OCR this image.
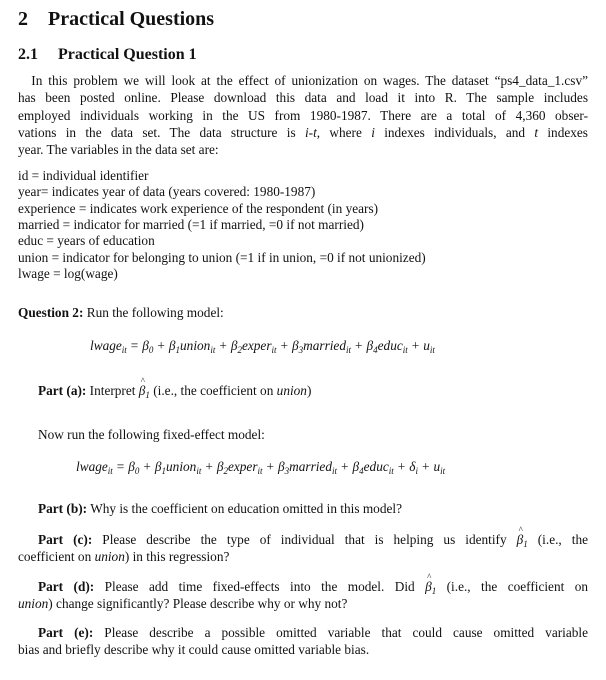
2 Practical Questions
2.1 Practical Question 1
 In this problem we will look at the effect of unionization on wages. The dataset “ps4_data_1.csv”
has been posted online. Please download this data and load it into R. The sample includes
employed individuals working in the US from 1980-1987. There are a total of 4,360 obser-
vations in the data set. The data structure is i-t, where i indexes individuals, and t indexes
year. The variables in the data set are:
id = individual identifier
year= indicates year of data (years covered: 1980-1987)
experience = indicates work experience of the respondent (in years)
married = indicator for married (=1 if married, =0 if not married)
educ = years of education
union = indicator for belonging to union (=1 if in union, =0 if not unionized)
lwage = log(wage)
Question 2: Run the following model:
lwage$_{it}$ = $\beta_0$ + $\beta_1union_{it}$ + $\beta_2exper_{it}$ + $\beta_3married_{it}$ + $\beta_4educ_{it} + u_{it}$
Part (a): Interpret ^ $\beta_1$ (i.e., the coefficient on union)
Now run the following fixed-effect model:
lwage$_{it}$ = $\beta_0$ + $\beta_1union_{it}$ + $\beta_2exper_{it}$ + $\beta_3married_{it}$ + $\beta_4educ_{it} + \delta_i + u_{it}$
Part (b): Why is the coefficient on education omitted in this model?
Part (c): Please describe the type of individual that is helping us identify ^ $\beta_1$ (i.e., the
coefficient on union) in this regression?
Part (d): Please add time fixed-effects into the model. Did ^ $\beta_1$ (i.e., the coefficient on
union) change significantly? Please describe why or why not?
Part (e): Please describe a possible omitted variable that could cause omitted variable
bias and briefly describe why it could cause omitted variable bias.
